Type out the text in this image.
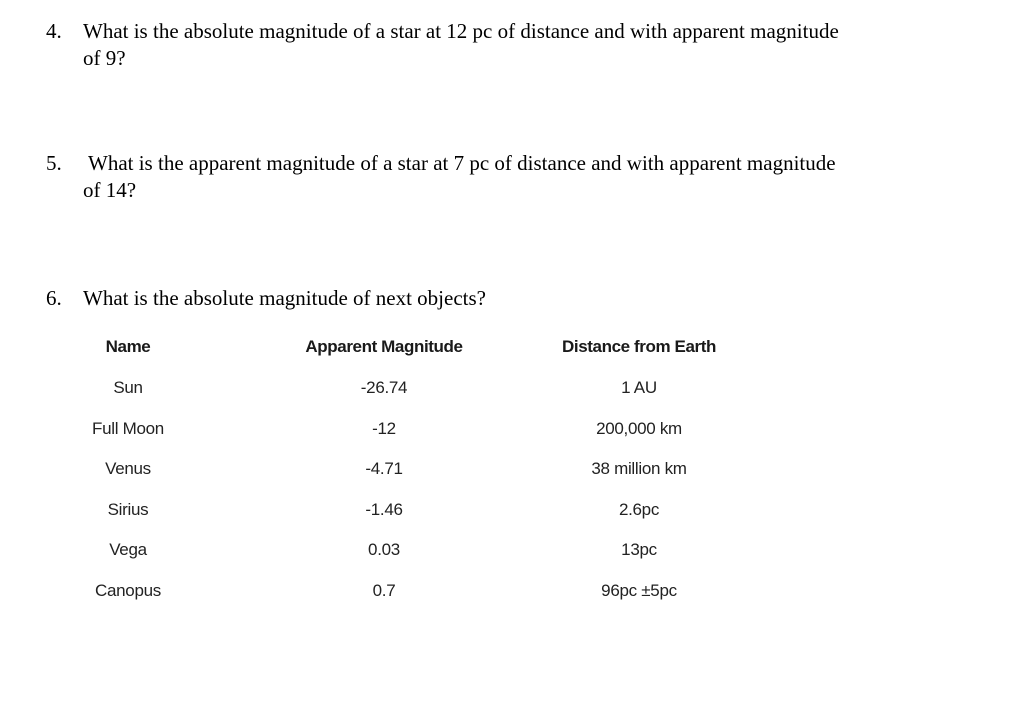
4. What is the absolute magnitude of a star at 12 pc of distance and with apparent magnitude
of 9?
5. What is the apparent magnitude of a star at 7 pc of distance and with apparent magnitude
of 14?
6. What is the absolute magnitude of next objects?
Name	Apparent Magnitude	Distance from Earth
Sun	-26.74	1 AU
Full Moon	-12	200,000 km
Venus	-4.71	38 million km
Sirius	-1.46	2.6pc
Vega	0.03	13pc
Canopus	0.7	96pc ±5pc
